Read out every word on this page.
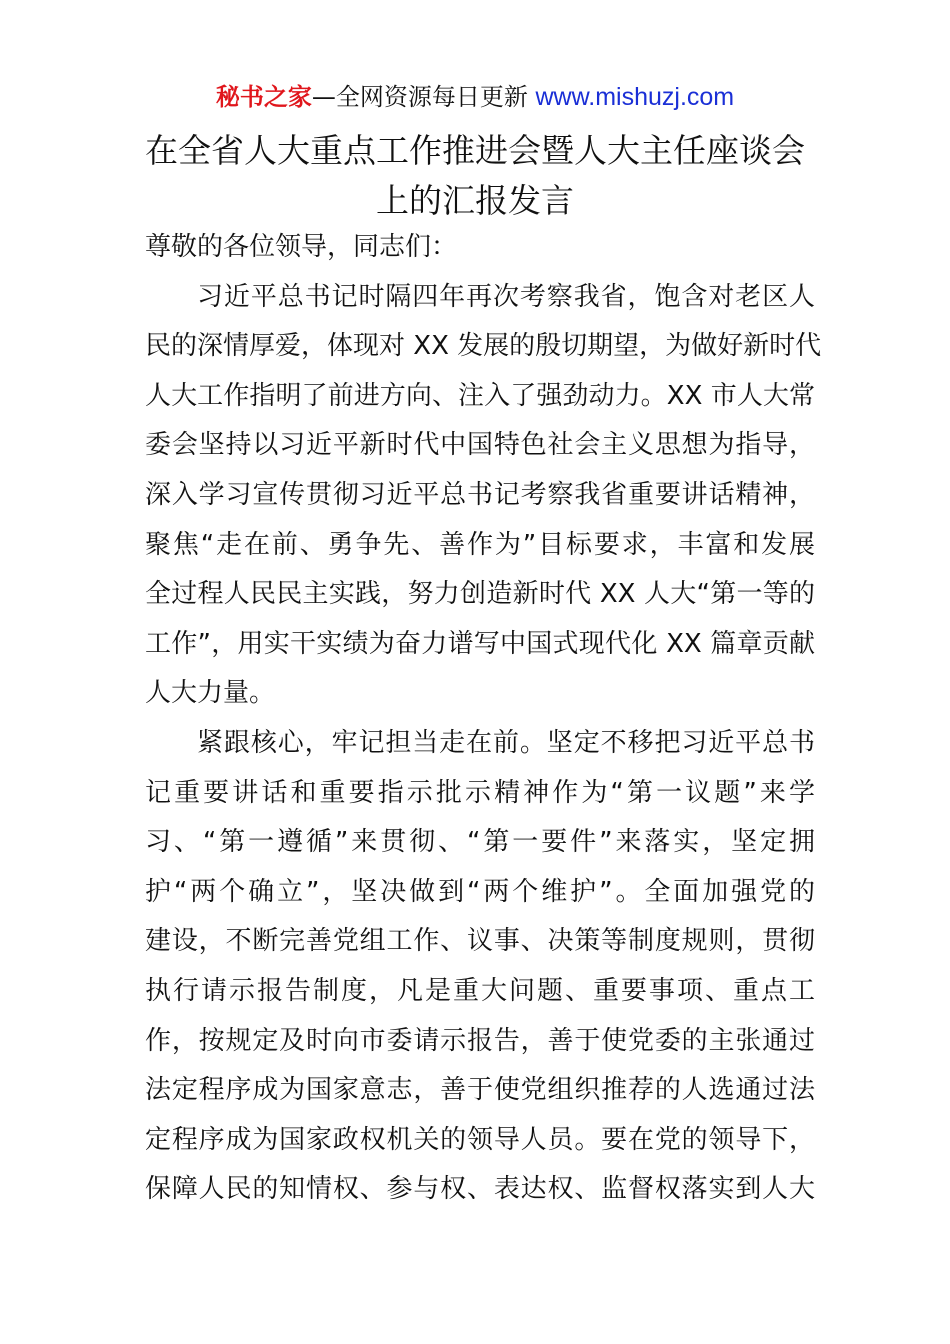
秘书之家—全网资源每日更新 www.mishuzj.com
在全省人大重点工作推进会暨人大主任座谈会
上的汇报发言
尊敬的各位领导，同志们：
习近平总书记时隔四年再次考察我省，饱含对老区人
民的深情厚爱，体现对 XX 发展的殷切期望，为做好新时代
人大工作指明了前进方向、注入了强劲动力。XX 市人大常
委会坚持以习近平新时代中国特色社会主义思想为指导，
深入学习宣传贯彻习近平总书记考察我省重要讲话精神，
聚焦“走在前、勇争先、善作为”目标要求，丰富和发展
全过程人民民主实践，努力创造新时代 XX 人大“第一等的
工作”，用实干实绩为奋力谱写中国式现代化 XX 篇章贡献
人大力量。
紧跟核心，牢记担当走在前。坚定不移把习近平总书
记重要讲话和重要指示批示精神作为“第一议题”来学
习、“第一遵循”来贯彻、“第一要件”来落实，坚定拥
护“两个确立”，坚决做到“两个维护”。全面加强党的
建设，不断完善党组工作、议事、决策等制度规则，贯彻
执行请示报告制度，凡是重大问题、重要事项、重点工
作，按规定及时向市委请示报告，善于使党委的主张通过
法定程序成为国家意志，善于使党组织推荐的人选通过法
定程序成为国家政权机关的领导人员。要在党的领导下，
保障人民的知情权、参与权、表达权、监督权落实到人大
